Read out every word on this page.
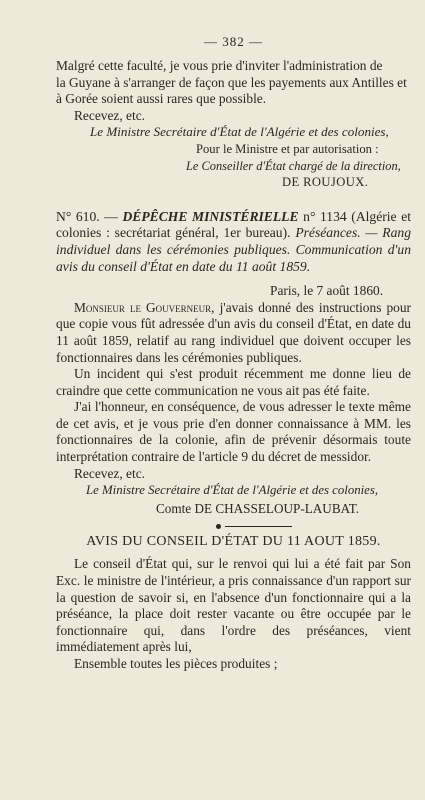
— 382 —

Malgré cette faculté, je vous prie d'inviter l'administration de

la Guyane à s'arranger de façon que les payements aux Antilles et

à Gorée soient aussi rares que possible.

Recevez, etc.

Le Ministre Secrétaire d'État de l'Algérie et des colonies,

Pour le Ministre et par autorisation :

Le Conseiller d'État chargé de la direction,

DE ROUJOUX.

N° 610. — DÉPÊCHE MINISTÉRIELLE n° 1134 (Algérie et colonies : secrétariat général, 1er bureau). Préséances. — Rang individuel dans les cérémonies publiques. Communication d'un avis du conseil d'État en date du 11 août 1859.

Paris, le 7 août 1860.

Monsieur le Gouverneur, j'avais donné des instructions pour que copie vous fût adressée d'un avis du conseil d'État, en date du 11 août 1859, relatif au rang individuel que doivent occuper les fonctionnaires dans les cérémonies publiques.

Un incident qui s'est produit récemment me donne lieu de craindre que cette communication ne vous ait pas été faite.

J'ai l'honneur, en conséquence, de vous adresser le texte même de cet avis, et je vous prie d'en donner connaissance à MM. les fonctionnaires de la colonie, afin de prévenir désormais toute interprétation contraire de l'article 9 du décret de messidor.

Recevez, etc.

Le Ministre Secrétaire d'État de l'Algérie et des colonies,

Comte DE CHASSELOUP-LAUBAT.

AVIS DU CONSEIL D'ÉTAT DU 11 AOUT 1859.

Le conseil d'État qui, sur le renvoi qui lui a été fait par Son Exc. le ministre de l'intérieur, a pris connaissance d'un rapport sur la question de savoir si, en l'absence d'un fonctionnaire qui a la préséance, la place doit rester vacante ou être occupée par le fonctionnaire qui, dans l'ordre des préséances, vient immédiatement après lui,

Ensemble toutes les pièces produites ;
